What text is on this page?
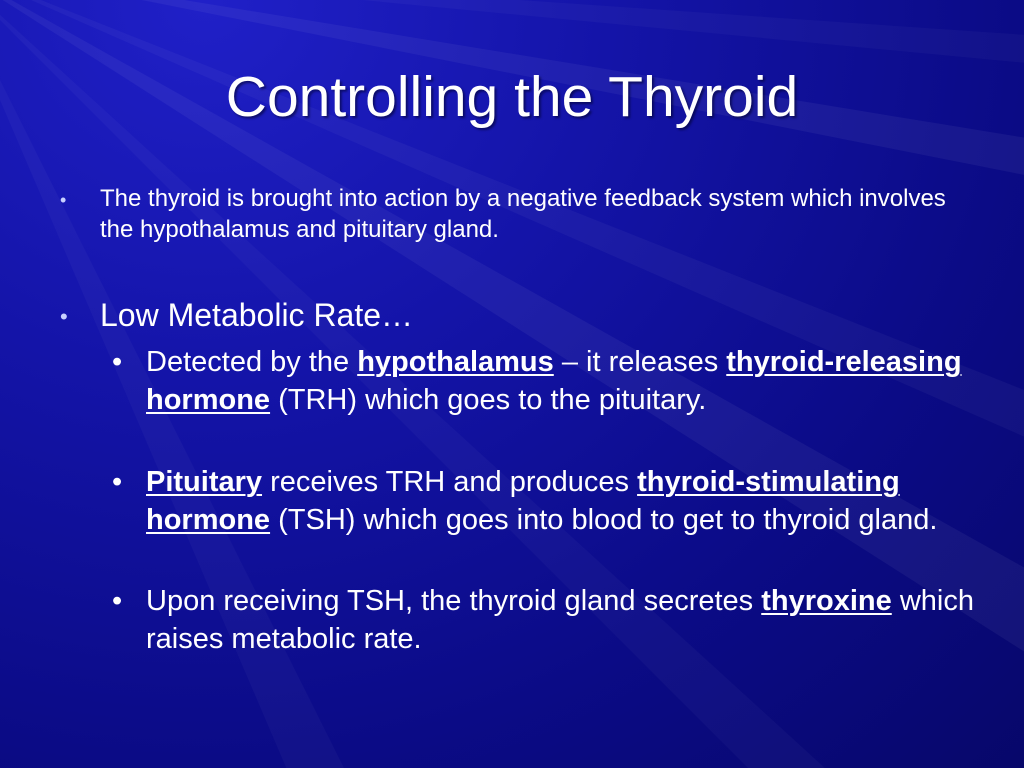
Controlling the Thyroid
• The thyroid is brought into action by a negative feedback system which involves the hypothalamus and pituitary gland.
• Low Metabolic Rate…
• Detected by the hypothalamus – it releases thyroid-releasing hormone (TRH) which goes to the pituitary.
• Pituitary receives TRH and produces thyroid-stimulating hormone (TSH) which goes into blood to get to thyroid gland.
• Upon receiving TSH, the thyroid gland secretes thyroxine which raises metabolic rate.
